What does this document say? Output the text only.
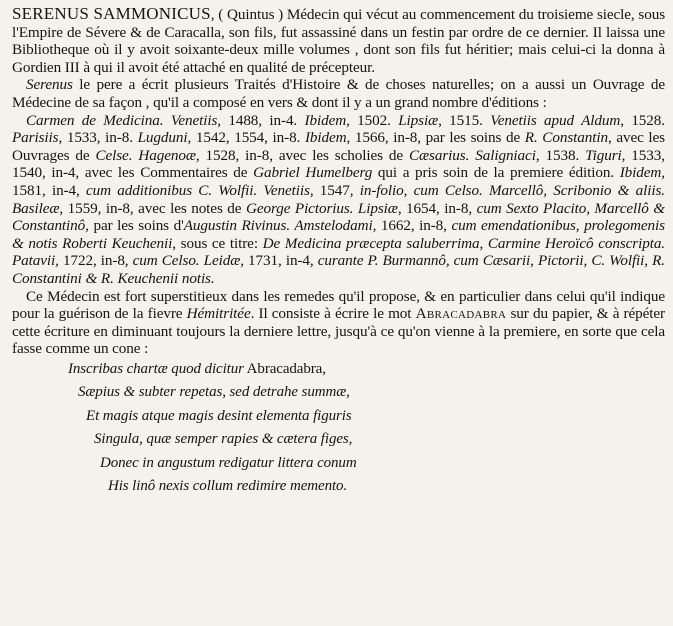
SERENUS SAMMONICUS, ( Quintus ) Médecin qui vécut au commencement du troisieme siecle, sous l'Empire de Sévere & de Caracalla, son fils, fut assassiné dans un festin par ordre de ce dernier. Il laissa une Bibliotheque où il y avoit soixante-deux mille volumes , dont son fils fut héritier; mais celui-ci la donna à Gordien III à qui il avoit été attaché en qualité de précepteur.

Serenus le pere a écrit plusieurs Traités d'Histoire & de choses naturelles; on a aussi un Ouvrage de Médecine de sa façon , qu'il a composé en vers & dont il y a un grand nombre d'éditions :

Carmen de Medicina. Venetiis, 1488, in-4. Ibidem, 1502. Lipsiæ, 1515. Venetiis apud Aldum, 1528. Parisiis, 1533, in-8. Lugduni, 1542, 1554, in-8. Ibidem, 1566, in-8, par les soins de R. Constantin, avec les Ouvrages de Celse. Hagenoæ, 1528, in-8, avec les scholies de Cæsarius. Saligniaci, 1538. Tiguri, 1533, 1540, in-4, avec les Commentaires de Gabriel Humelberg qui a pris soin de la premiere édition. Ibidem, 1581, in-4, cum additionibus C. Wolfii. Venetiis, 1547, in-folio, cum Celso. Marcellô, Scribonio & aliis. Basileæ, 1559, in-8, avec les notes de George Pictorius. Lipsiæ, 1654, in-8, cum Sexto Placito, Marcellô & Constantinô, par les soins d'Augustin Rivinus. Amstelodami, 1662, in-8, cum emendationibus, prolegomenis & notis Roberti Keuchenii, sous ce titre: De Medicina præcepta saluberrima, Carmine Heroïcô conscripta. Patavii, 1722, in-8, cum Celso. Leidæ, 1731, in-4, curante P. Burmannô, cum Cæsarii, Pictorii, C. Wolfii, R. Constantini & R. Keuchenii notis.

Ce Médecin est fort superstitieux dans les remedes qu'il propose, & en particulier dans celui qu'il indique pour la guérison de la fievre Hémitritée. Il consiste à écrire le mot Abracadabra sur du papier, & à répéter cette écriture en diminuant toujours la derniere lettre, jusqu'à ce qu'on vienne à la premiere, en sorte que cela fasse comme un cone :

Inscribas chartæ quod dicitur Abracadabra,
Sæpius & subter repetas, sed detrahe summæ,
Et magis atque magis desint elementa figuris
Singula, quæ semper rapies & cætera figes,
Donec in angustum redigatur littera conum
His linô nexis collum redimire memento.
